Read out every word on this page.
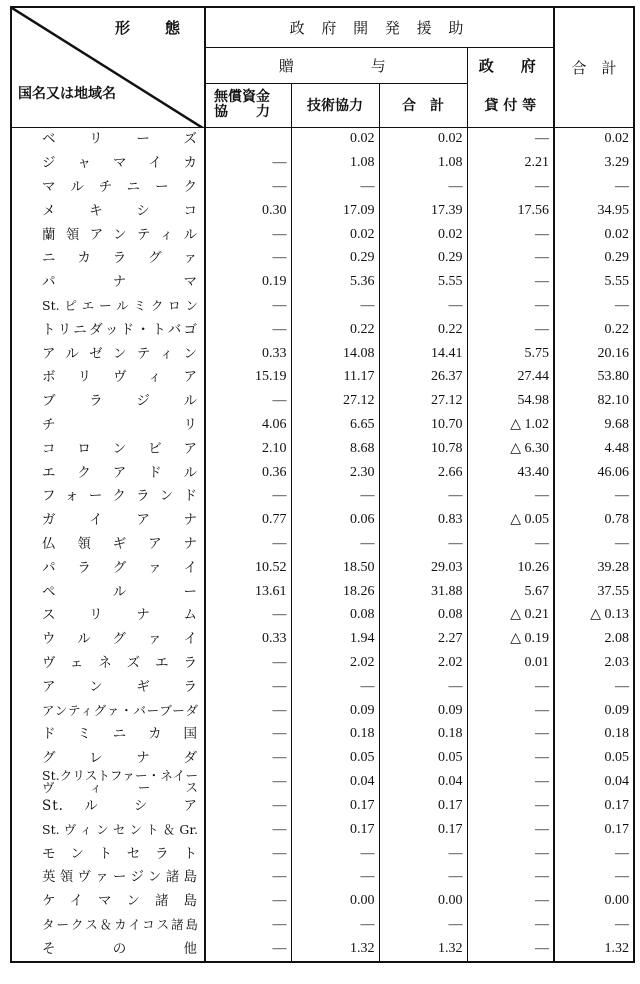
形　態
国名又は地域名	政 府 開 発 援 助				合　計
	贈　　　与			政　府	
	無償資金
協　　力	技術協力	合　計	貸 付 等	
ベ リ ー ズ		0.02	0.02	—	0.02
ジャマイカ	—	1.08	1.08	2.21	3.29
マルチニーク	—	—	—	—	—
メ キ シ コ	0.30	17.09	17.39	17.56	34.95
蘭領アンティル	—	0.02	0.02	—	0.02
ニカラグァ	—	0.29	0.29	—	0.29
パ ナ マ	0.19	5.36	5.55	—	5.55
St.ピエールミクロン	—	—	—	—	—
トリニダッド・トバゴ	—	0.22	0.22	—	0.22
アルゼンティン	0.33	14.08	14.41	5.75	20.16
ボリヴィア	15.19	11.17	26.37	27.44	53.80
ブ ラ ジ ル	—	27.12	27.12	54.98	82.10
チ リ	4.06	6.65	10.70	△ 1.02	9.68
コロンビア	2.10	8.68	10.78	△ 6.30	4.48
エクアドル	0.36	2.30	2.66	43.40	46.06
フォークランド	—	—	—	—	—
ガ イ ア ナ	0.77	0.06	0.83	△ 0.05	0.78
仏領ギアナ	—	—	—	—	—
パラグァイ	10.52	18.50	29.03	10.26	39.28
ペ ル ー	13.61	18.26	31.88	5.67	37.55
ス リ ナ ム	—	0.08	0.08	△ 0.21	△ 0.13
ウルグァイ	0.33	1.94	2.27	△ 0.19	2.08
ヴェネズエラ	—	2.02	2.02	0.01	2.03
ア ン ギ ラ	—	—	—	—	—
アンティグァ・バーブーダ	—	0.09	0.09	—	0.09
ドミニカ国	—	0.18	0.18	—	0.18
グ レ ナ ダ	—	0.05	0.05	—	0.05
St.クリストファー・ネイーヴィース	—	0.04	0.04	—	0.04
St. ル シ ア	—	0.17	0.17	—	0.17
St.ヴィンセント＆Gr.	—	0.17	0.17	—	0.17
モントセラト	—	—	—	—	—
英領ヴァージン諸島	—	—	—	—	—
ケイマン諸島	—	0.00	0.00	—	0.00
タークス＆カイコス諸島	—	—	—	—	—
そ の 他	—	1.32	1.32	—	1.32
